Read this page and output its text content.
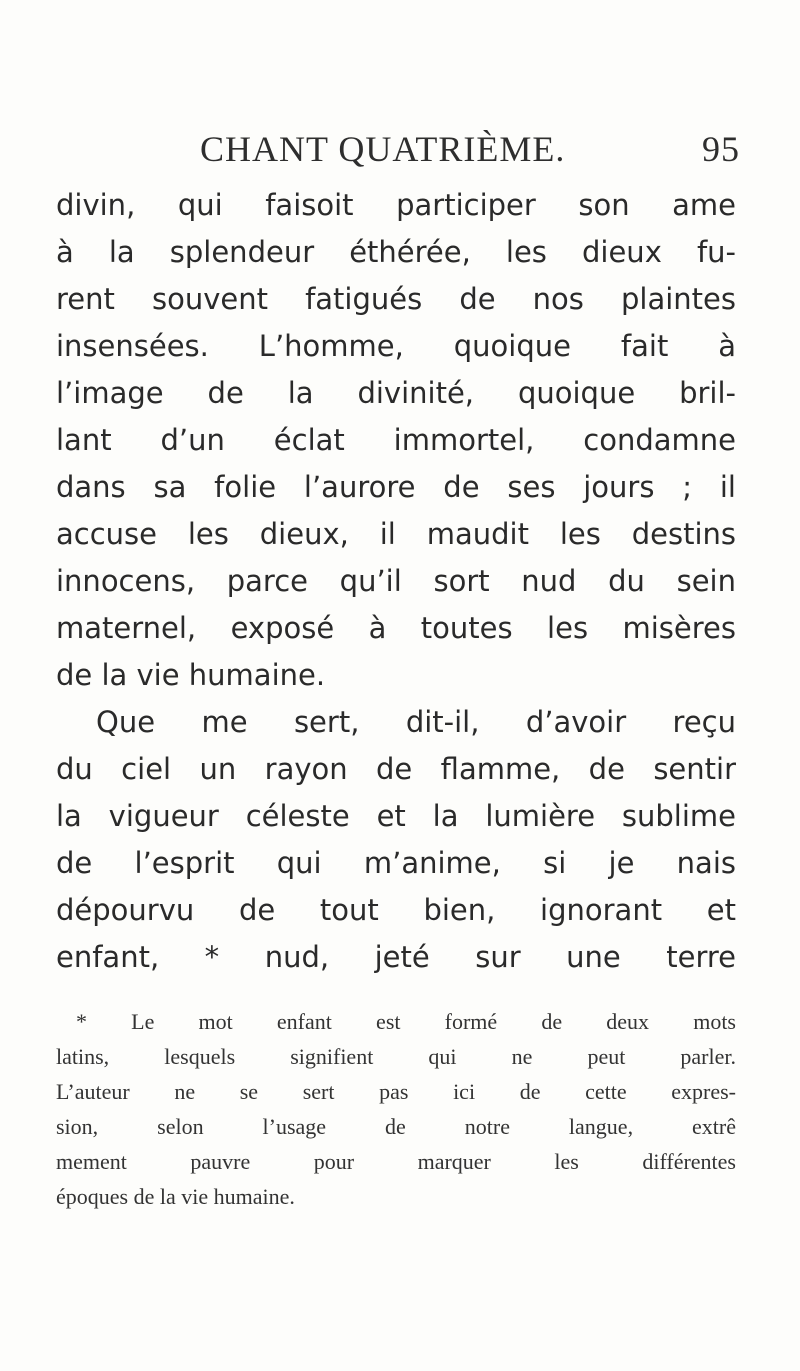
CHANT QUATRIÈME.	95
divin, qui faisoit participer son ame
à la splendeur éthérée, les dieux fu-
rent souvent fatigués de nos plaintes
insensées. L’homme, quoique fait à
l’image de la divinité, quoique bril-
lant d’un éclat immortel, condamne
dans sa folie l’aurore de ses jours ; il
accuse les dieux, il maudit les destins
innocens, parce qu’il sort nud du sein
maternel, exposé à toutes les misères
de la vie humaine.
Que me sert, dit-il, d’avoir reçu
du ciel un rayon de flamme, de sentir
la vigueur céleste et la lumière sublime
de l’esprit qui m’anime, si je nais
dépourvu de tout bien, ignorant et
enfant, * nud, jeté sur une terre
* Le mot enfant est formé de deux mots
latins, lesquels signifient qui ne peut parler.
L’auteur ne se sert pas ici de cette expres-
sion, selon l’usage de notre langue, extrê
mement pauvre pour marquer les différentes
époques de la vie humaine.
